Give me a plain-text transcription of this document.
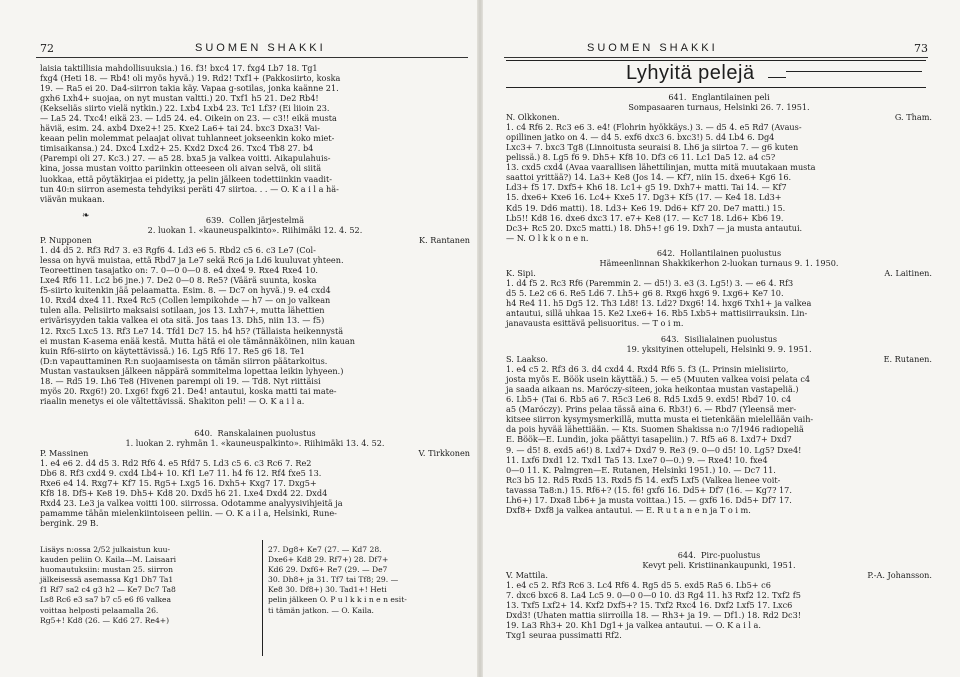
72	SUOMEN SHAKKI

laisia taktillisia mahdollisuuksia.) 16. f3! bxc4 17. fxg4 Lb7 18. Tg1

fxg4 (Heti 18. — Rb4! oli myös hyvä.) 19. Rd2! Txf1+ (Pakkosiirto, koska

19. — Ra5 ei 20. Da4-siirron takia käy. Vapaa g-sotilas, jonka kaänne 21.

gxh6 Lxh4+ suojaa, on nyt mustan valtti.) 20. Txf1 h5 21. De2 Rb4!

(Kekseliäs siirto vielä nytkin.) 22. Lxb4 Lxb4 23. Tc1 Lf3? (Ei liioin 23.

— La5 24. Txc4! eikä 23. — Ld5 24. e4. Oikein on 23. — c3!! eikä musta

häviä, esim. 24. axb4 Dxe2+! 25. Kxe2 La6+ tai 24. bxc3 Dxa3! Vai-

keaan pelin molemmat pelaajat olivat tuhlanneet jokseenkin koko miet-

timisaikansa.) 24. Dxc4 Lxd2+ 25. Kxd2 Dxc4 26. Txc4 Tb8 27. b4

(Parempi oli 27. Kc3.) 27. — a5 28. bxa5 ja valkea voitti. Aikapulahuis-

kina, jossa mustan voitto pariinkin otteeseen oli aivan selvä, oli siitä

luokkaa, että pöytäkirjaa ei pidetty, ja pelin jälkeen todettiinkin vaadit-

tun 40:n siirron asemesta tehdyiksi peräti 47 siirtoa. . . — O. K a i l a hä-

viävän mukaan.

❧	639. Collen järjestelmä

2. luokan 1. «kauneuspalkinto». Riihimäki 12. 4. 52.

P. Nupponen	K. Rantanen

1. d4 d5 2. Rf3 Rd7 3. e3 Rgf6 4. Ld3 e6 5. Rbd2 c5 6. c3 Le7 (Col-

lessa on hyvä muistaa, että Rbd7 ja Le7 sekä Rc6 ja Ld6 kuuluvat yhteen.

Teoreettinen tasajatko on: 7. 0—0 0—0 8. e4 dxe4 9. Rxe4 Rxe4 10.

Lxe4 Rf6 11. Lc2 b6 jne.) 7. De2 0—0 8. Re5? (Väärä suunta, koska

f5-siirto kuitenkin jää pelaamatta. Esim. 8. — Dc7 on hyvä.) 9. e4 cxd4

10. Rxd4 dxe4 11. Rxe4 Rc5 (Collen lempikohde — h7 — on jo valkean

tulen alla. Pelisiirto maksaisi sotilaan, jos 13. Lxh7+, mutta lähettien

erivärisyyden takia valkea ei ota sitä. Jos taas 13. Dh5, niin 13. — f5)

12. Rxc5 Lxc5 13. Rf3 Le7 14. Tfd1 Dc7 15. h4 h5? (Tällaista heikennystä

ei mustan K-asema enää kestä. Mutta hätä ei ole tämännäköinen, niin kauan

kuin Rf6-siirto on käytettävissä.) 16. Lg5 Rf6 17. Re5 g6 18. Te1

(D:n vapauttaminen R:n suojaamisesta on tämän siirron päätarkoitus.

Mustan vastauksen jälkeen näppärä sommitelma lopettaa leikin lyhyeen.)

18. — Rd5 19. Lh6 Te8 (Hivenen parempi oli 19. — Td8. Nyt riittäisi

myös 20. Rxg6!) 20. Lxg6! fxg6 21. De4! antautui, koska matti tai mate-

riaalin menetys ei ole vältettävissä. Shakiton peli! — O. K a i l a.

640. Ranskalainen puolustus

1. luokan 2. ryhmän 1. «kauneuspalkinto». Riihimäki 13. 4. 52.

P. Massinen	V. Tirkkonen

1. e4 e6 2. d4 d5 3. Rd2 Rf6 4. e5 Rfd7 5. Ld3 c5 6. c3 Rc6 7. Re2

Db6 8. Rf3 cxd4 9. cxd4 Lb4+ 10. Kf1 Le7 11. h4 f6 12. Rf4 fxe5 13.

Rxe6 e4 14. Rxg7+ Kf7 15. Rg5+ Lxg5 16. Dxh5+ Kxg7 17. Dxg5+

Kf8 18. Df5+ Ke8 19. Dh5+ Kd8 20. Dxd5 h6 21. Lxe4 Dxd4 22. Dxd4

Rxd4 23. Le3 ja valkea voitti 100. siirrossa. Odotamme analyysivihjeitä ja

pamamme tähän mielenkiintoiseen peliin. — O. K a i l a, Helsinki, Rune-

bergink. 29 B.

Lisäys n:ossa 2/52 julkaistun kuu-

kauden peliin O. Kaila—M. Laisaari

huomautuksiin: mustan 25. siirron

jälkeisessä asemassa Kg1 Dh7 Ta1

f1 Rf7 sa2 c4 g3 h2 — Ke7 Dc7 Ta8

Ls8 Rc6 e3 sa7 b7 c5 e6 f6 valkea

voittaa helposti pelaamalla 26.

Rg5+! Kd8 (26. — Kd6 27. Re4+)

27. Dg8+ Ke7 (27. — Kd7 28.

Dxe6+ Kd8 29. Rf7+) 28. Df7+

Kd6 29. Dxf6+ Re7 (29. — De7

30. Dh8+ ja 31. Tf7 tai Tf8; 29. —

Ke8 30. Df8+) 30. Tad1+! Heti

pelin jälkeen O. P u l k k i n e n esit-

ti tämän jatkon. — O. Kaila.

SUOMEN SHAKKI	73
Lyhyitä pelejä

641. Englantilainen peli

Sompasaaren turnaus, Helsinki 26. 7. 1951.

N. Olkkonen.	G. Tham.

1. c4 Rf6 2. Rc3 e6 3. e4! (Flohrin hyökkäys.) 3. — d5 4. e5 Rd7 (Avaus-

opillinen jatko on 4. — d4 5. exf6 dxc3 6. bxc3!) 5. d4 Lb4 6. Dg4

Lxc3+ 7. bxc3 Tg8 (Linnoitusta seuraisi 8. Lh6 ja siirtoa 7. — g6 kuten

pelissä.) 8. Lg5 f6 9. Dh5+ Kf8 10. Df3 c6 11. Lc1 Da5 12. a4 c5?

13. cxd5 cxd4 (Avaa vaarallisen lähettilinjan, mutta mitä muutakaan musta

saattoi yrittää?) 14. La3+ Ke8 (Jos 14. — Kf7, niin 15. dxe6+ Kg6 16.

Ld3+ f5 17. Dxf5+ Kh6 18. Lc1+ g5 19. Dxh7+ matti. Tai 14. — Kf7

15. dxe6+ Kxe6 16. Lc4+ Kxe5 17. Dg3+ Kf5 (17. — Ke4 18. Ld3+

Kd5 19. Dd6 matti). 18. Ld3+ Ke6 19. Dd6+ Kf7 20. De7 matti.) 15.

Lb5!! Kd8 16. dxe6 dxc3 17. e7+ Ke8 (17. — Kc7 18. Ld6+ Kb6 19.

Dc3+ Rc5 20. Dxc5 matti.) 18. Dh5+! g6 19. Dxh7 — ja musta antautui.

— N. O l k k o n e n.

642. Hollantilainen puolustus

Hämeenlinnan Shakkikerhon 2-luokan turnaus 9. 1. 1950.

K. Sipi.	A. Laitinen.

1. d4 f5 2. Rc3 Rf6 (Paremmin 2. — d5!) 3. e3 (3. Lg5!) 3. — e6 4. Rf3

d5 5. Le2 c6 6. Re5 Ld6 7. Lh5+ g6 8. Rxg6 hxg6 9. Lxg6+ Ke7 10.

h4 Re4 11. h5 Dg5 12. Th3 Ld8! 13. Ld2? Dxg6! 14. hxg6 Txh1+ ja valkea

antautui, sillä uhkaa 15. Ke2 Lxe6+ 16. Rb5 Lxb5+ mattisiirrauksin. Lin-

janavausta esittävä pelisuoritus. — T o i m.

643. Sisilialainen puolustus

19. yksityinen ottelupeli, Helsinki 9. 9. 1951.

S. Laakso.	E. Rutanen.

1. e4 c5 2. Rf3 d6 3. d4 cxd4 4. Rxd4 Rf6 5. f3 (L. Prinsin mielisiirto,

josta myös E. Böök usein käyttää.) 5. — e5 (Muuten valkea voisi pelata c4

ja saada aikaan ns. Maróczy-siteen, joka heikontaa mustan vastapeliä.)

6. Lb5+ (Tai 6. Rb5 a6 7. R5c3 Le6 8. Rd5 Lxd5 9. exd5! Rbd7 10. c4

a5 (Maróczy). Prins pelaa tässä aina 6. Rb3!) 6. — Rbd7 (Yleensä mer-

kitsee siirron kysymysmerkillä, mutta musta ei tietenkään mielellään vaih-

da pois hyvää lähettiään. — Kts. Suomen Shakissa n:o 7/1946 radiopeliä

E. Böök—E. Lundin, joka päättyi tasapeliin.) 7. Rf5 a6 8. Lxd7+ Dxd7

9. — d5! 8. exd5 a6!) 8. Lxd7+ Dxd7 9. Re3 (9. 0—0 d5! 10. Lg5? Dxe4!

11. Lxf6 Dxd1 12. Txd1 Ta5 13. Lxe7 0—0.) 9. — Rxe4! 10. fxe4

0—0 11. K. Palmgren—E. Rutanen, Helsinki 1951.) 10. — Dc7 11.

Rc3 b5 12. Rd5 Rxd5 13. Rxd5 f5 14. exf5 Lxf5 (Valkea lienee voit-

tavassa Ta8:n.) 15. Rf6+? (15. f6! gxf6 16. Dd5+ Df7 (16. — Kg7? 17.

Lh6+) 17. Dxa8 Lb6+ ja musta voittaa.) 15. — gxf6 16. Dd5+ Df7 17.

Dxf8+ Dxf8 ja valkea antautui. — E. R u t a n e n ja T o i m.

644. Pirc-puolustus

Kevyt peli. Kristiinankaupunki, 1951.

V. Mattila.	P.-A. Johansson.

1. e4 c5 2. Rf3 Rc6 3. Lc4 Rf6 4. Rg5 d5 5. exd5 Ra5 6. Lb5+ c6

7. dxc6 bxc6 8. La4 Lc5 9. 0—0 0—0 10. d3 Rg4 11. h3 Rxf2 12. Txf2 f5

13. Txf5 Lxf2+ 14. Kxf2 Dxf5+? 15. Txf2 Rxc4 16. Dxf2 Lxf5 17. Lxc6

Dxd3! (Uhaten mattia siirroilla 18. — Rh3+ ja 19. — Df1.) 18. Rd2 Dc3!

19. La3 Rh3+ 20. Kh1 Dg1+ ja valkea antautui. — O. K a i l a.

Txg1 seuraa pussimatti Rf2.
